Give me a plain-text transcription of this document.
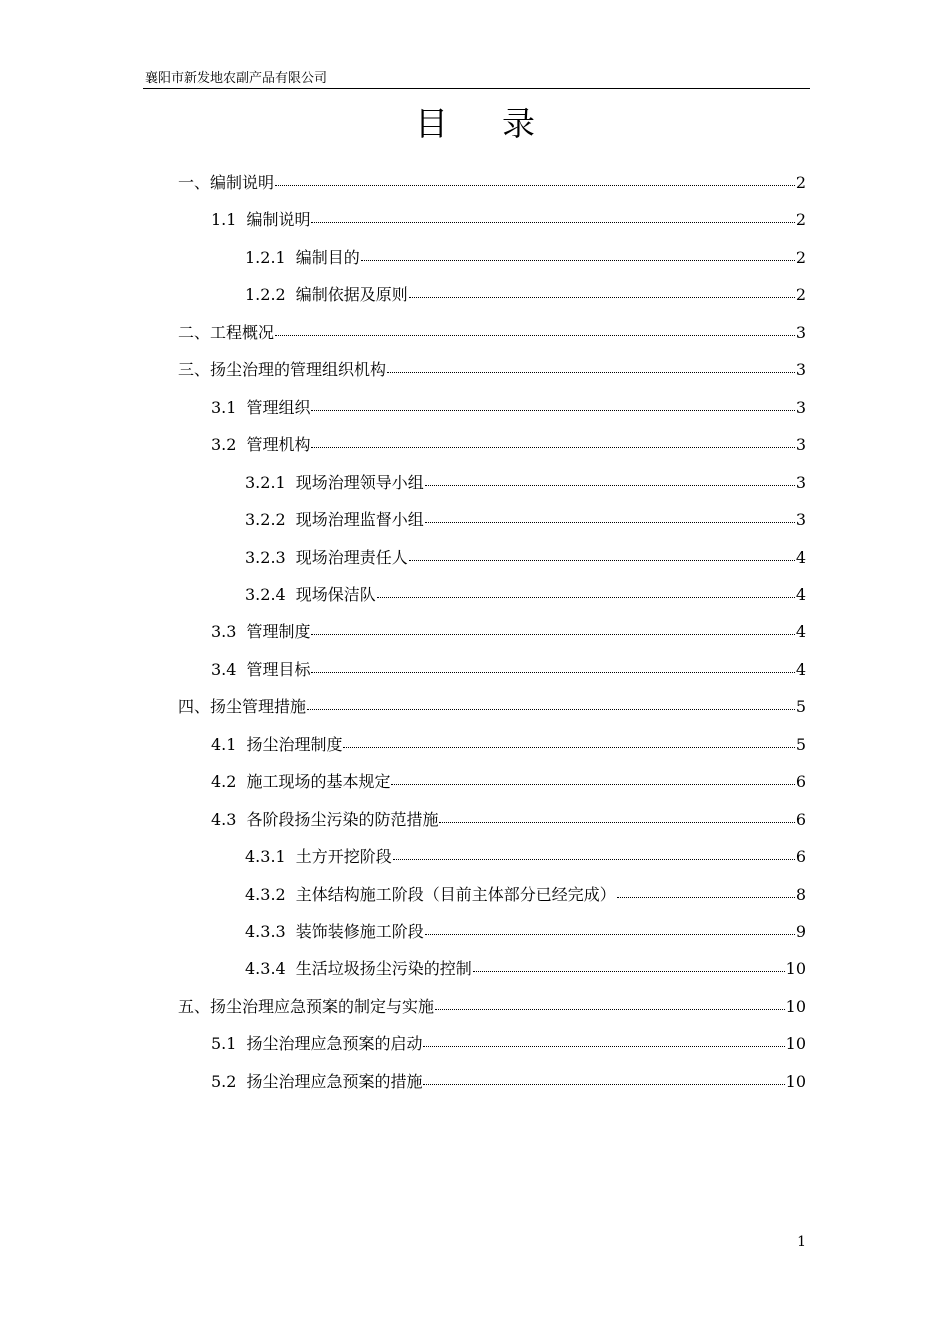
襄阳市新发地农副产品有限公司
目 录
一、编制说明	2
1.1 编制说明	2
1.2.1 编制目的	2
1.2.2 编制依据及原则	2
二、工程概况	3
三、扬尘治理的管理组织机构	3
3.1 管理组织	3
3.2 管理机构	3
3.2.1 现场治理领导小组	3
3.2.2 现场治理监督小组	3
3.2.3 现场治理责任人	4
3.2.4 现场保洁队	4
3.3 管理制度	4
3.4 管理目标	4
四、扬尘管理措施	5
4.1 扬尘治理制度	5
4.2 施工现场的基本规定	6
4.3 各阶段扬尘污染的防范措施	6
4.3.1 土方开挖阶段	6
4.3.2 主体结构施工阶段（目前主体部分已经完成）	8
4.3.3 装饰装修施工阶段	9
4.3.4 生活垃圾扬尘污染的控制	10
五、扬尘治理应急预案的制定与实施	10
5.1 扬尘治理应急预案的启动	10
5.2 扬尘治理应急预案的措施	10
1
